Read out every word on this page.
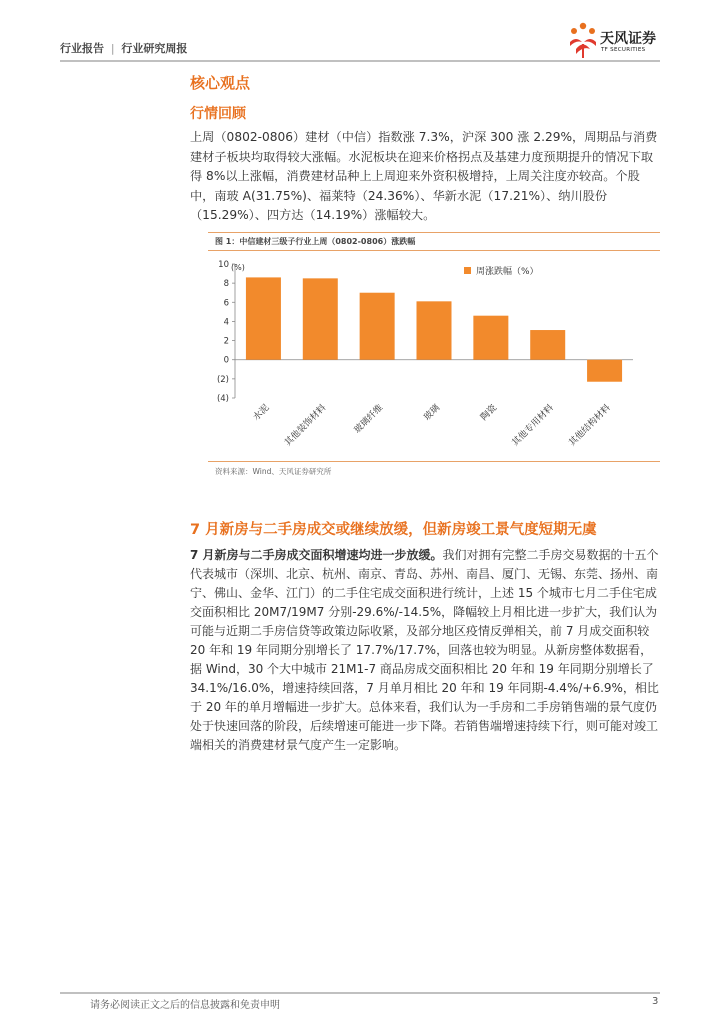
行业报告 | 行业研究周报
天风证券
TF SECURITIES
核心观点
行情回顾

上周（0802-0806）建材（中信）指数涨 7.3%，沪深 300 涨 2.29%，周期品与消费建材子板块均取得较大涨幅。水泥板块在迎来价格拐点及基建力度预期提升的情况下取得 8%以上涨幅，消费建材品种上上周迎来外资积极增持，上周关注度亦较高。个股中，南玻 A(31.75%)、福莱特（24.36%）、华新水泥（17.21%）、纳川股份（15.29%）、四方达（14.19%）涨幅较大。

图 1：中信建材三级子行业上周（0802-0806）涨跌幅
(4)
(2)
0
2
4
6
8
10 (%)
水泥 其他装饰材料	玻璃纤维	玻璃	陶瓷 其他专用材料 其他结构材料
周涨跌幅（%）
资料来源：Wind、天风证券研究所
7 月新房与二手房成交或继续放缓，但新房竣工景气度短期无虞

7 月新房与二手房成交面积增速均进一步放缓。我们对拥有完整二手房交易数据的十五个代表城市（深圳、北京、杭州、南京、青岛、苏州、南昌、厦门、无锡、东莞、扬州、南宁、佛山、金华、江门）的二手住宅成交面积进行统计，上述 15 个城市七月二手住宅成交面积相比 20M7/19M7 分别-29.6%/-14.5%，降幅较上月相比进一步扩大，我们认为可能与近期二手房信贷等政策边际收紧，及部分地区疫情反弹相关，前 7 月成交面积较 20 年和 19 年同期分别增长了 17.7%/17.7%，回落也较为明显。从新房整体数据看，据 Wind，30 个大中城市 21M1-7 商品房成交面积相比 20 年和 19 年同期分别增长了 34.1%/16.0%，增速持续回落，7 月单月相比 20 年和 19 年同期-4.4%/+6.9%，相比于 20 年的单月增幅进一步扩大。总体来看，我们认为一手房和二手房销售端的景气度仍处于快速回落的阶段，后续增速可能进一步下降。若销售端增速持续下行，则可能对竣工端相关的消费建材景气度产生一定影响。

请务必阅读正文之后的信息披露和免责申明	3
